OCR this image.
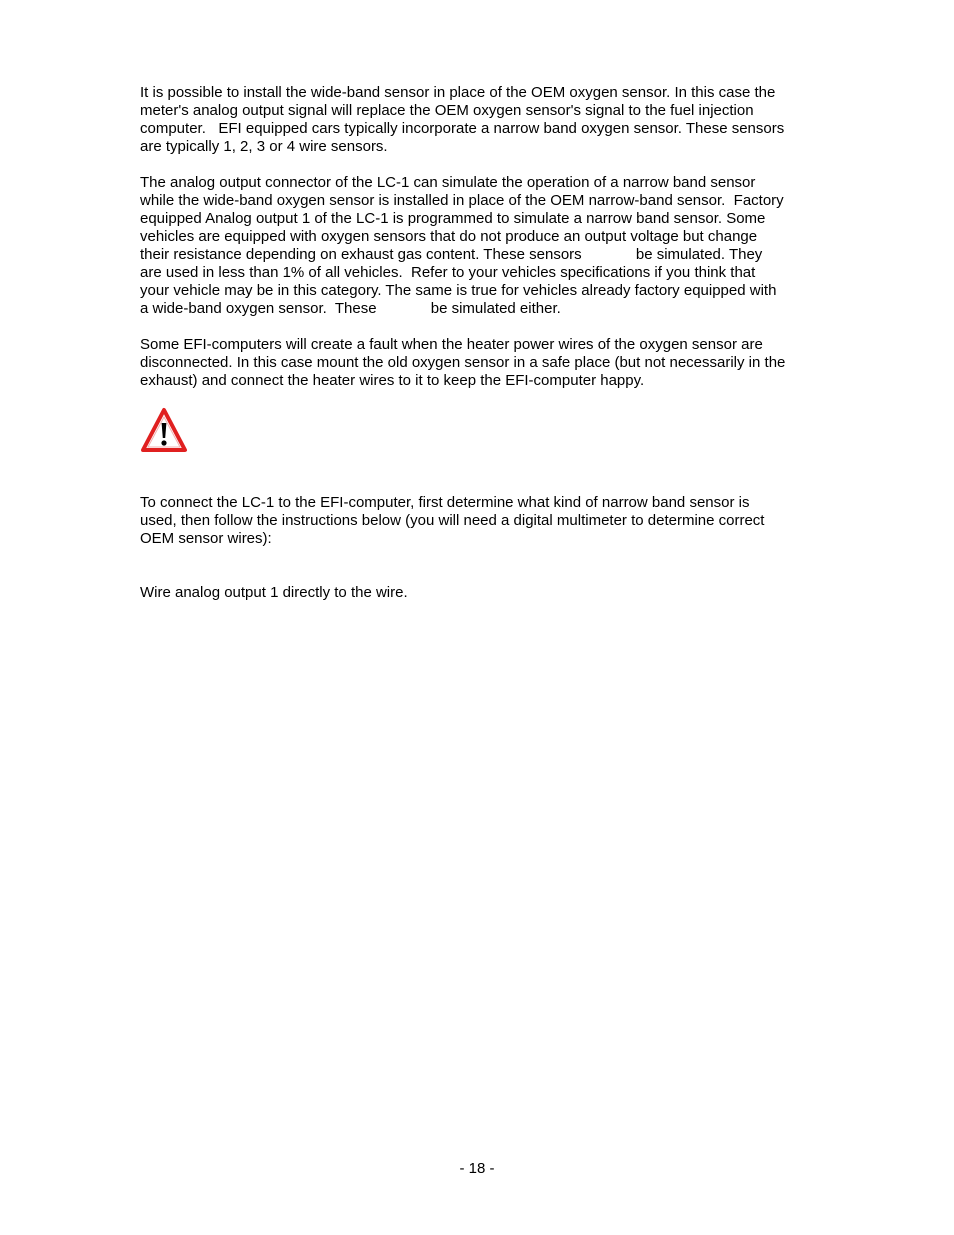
It is possible to install the wide-band sensor in place of the OEM oxygen sensor. In this case the
meter's analog output signal will replace the OEM oxygen sensor's signal to the fuel injection
computer.   EFI equipped cars typically incorporate a narrow band oxygen sensor. These sensors
are typically 1, 2, 3 or 4 wire sensors.
The analog output connector of the LC-1 can simulate the operation of a narrow band sensor
while the wide-band oxygen sensor is installed in place of the OEM narrow-band sensor.  Factory
equipped Analog output 1 of the LC-1 is programmed to simulate a narrow band sensor. Some
vehicles are equipped with oxygen sensors that do not produce an output voltage but change
their resistance depending on exhaust gas content. These sensors             be simulated. They
are used in less than 1% of all vehicles.  Refer to your vehicles specifications if you think that
your vehicle may be in this category. The same is true for vehicles already factory equipped with
a wide-band oxygen sensor.  These             be simulated either.
Some EFI-computers will create a fault when the heater power wires of the oxygen sensor are
disconnected. In this case mount the old oxygen sensor in a safe place (but not necessarily in the
exhaust) and connect the heater wires to it to keep the EFI-computer happy.
To connect the LC-1 to the EFI-computer, first determine what kind of narrow band sensor is
used, then follow the instructions below (you will need a digital multimeter to determine correct
OEM sensor wires):
Wire analog output 1 directly to the wire.
- 18 -
